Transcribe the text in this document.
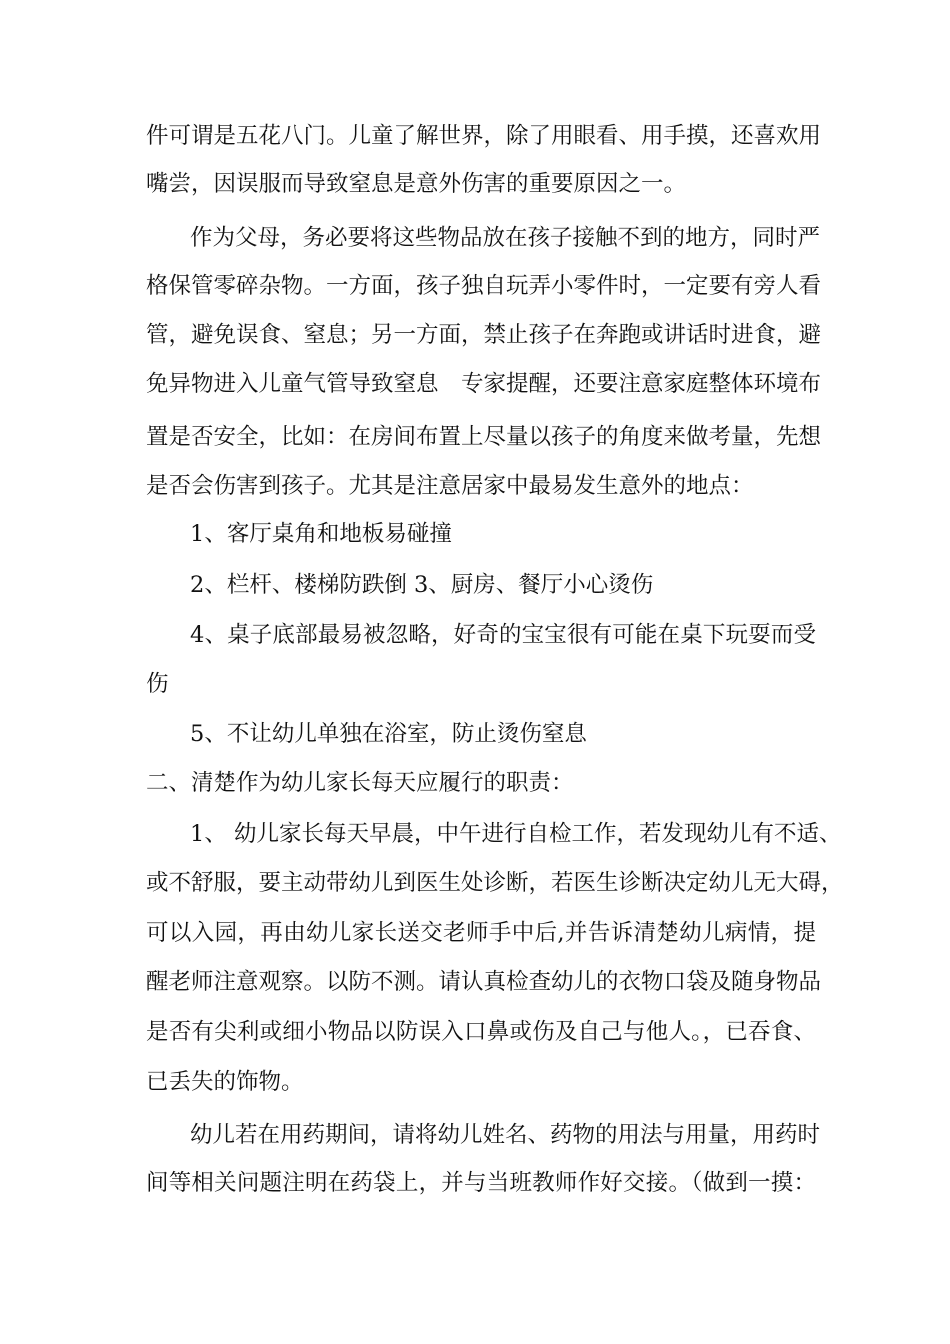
件可谓是五花八门。儿童了解世界，除了用眼看、用手摸，还喜欢用
嘴尝，因误服而导致窒息是意外伤害的重要原因之一。
作为父母，务必要将这些物品放在孩子接触不到的地方，同时严
格保管零碎杂物。一方面，孩子独自玩弄小零件时，一定要有旁人看
管，避免误食、窒息；另一方面，禁止孩子在奔跑或讲话时进食，避
免异物进入儿童气管导致窒息　专家提醒，还要注意家庭整体环境布
置是否安全，比如：在房间布置上尽量以孩子的角度来做考量，先想
是否会伤害到孩子。尤其是注意居家中最易发生意外的地点：
1、客厅桌角和地板易碰撞
2、栏杆、楼梯防跌倒 3、厨房、餐厅小心烫伤
4、桌子底部最易被忽略，好奇的宝宝很有可能在桌下玩耍而受
伤
5、不让幼儿单独在浴室，防止烫伤窒息
二、清楚作为幼儿家长每天应履行的职责：
1、 幼儿家长每天早晨，中午进行自检工作，若发现幼儿有不适、
或不舒服，要主动带幼儿到医生处诊断，若医生诊断决定幼儿无大碍，
可以入园，再由幼儿家长送交老师手中后,并告诉清楚幼儿病情，提
醒老师注意观察。以防不测。请认真检查幼儿的衣物口袋及随身物品
是否有尖利或细小物品以防误入口鼻或伤及自己与他人。，已吞食、
已丢失的饰物。
幼儿若在用药期间，请将幼儿姓名、药物的用法与用量，用药时
间等相关问题注明在药袋上，并与当班教师作好交接。（做到一摸：
